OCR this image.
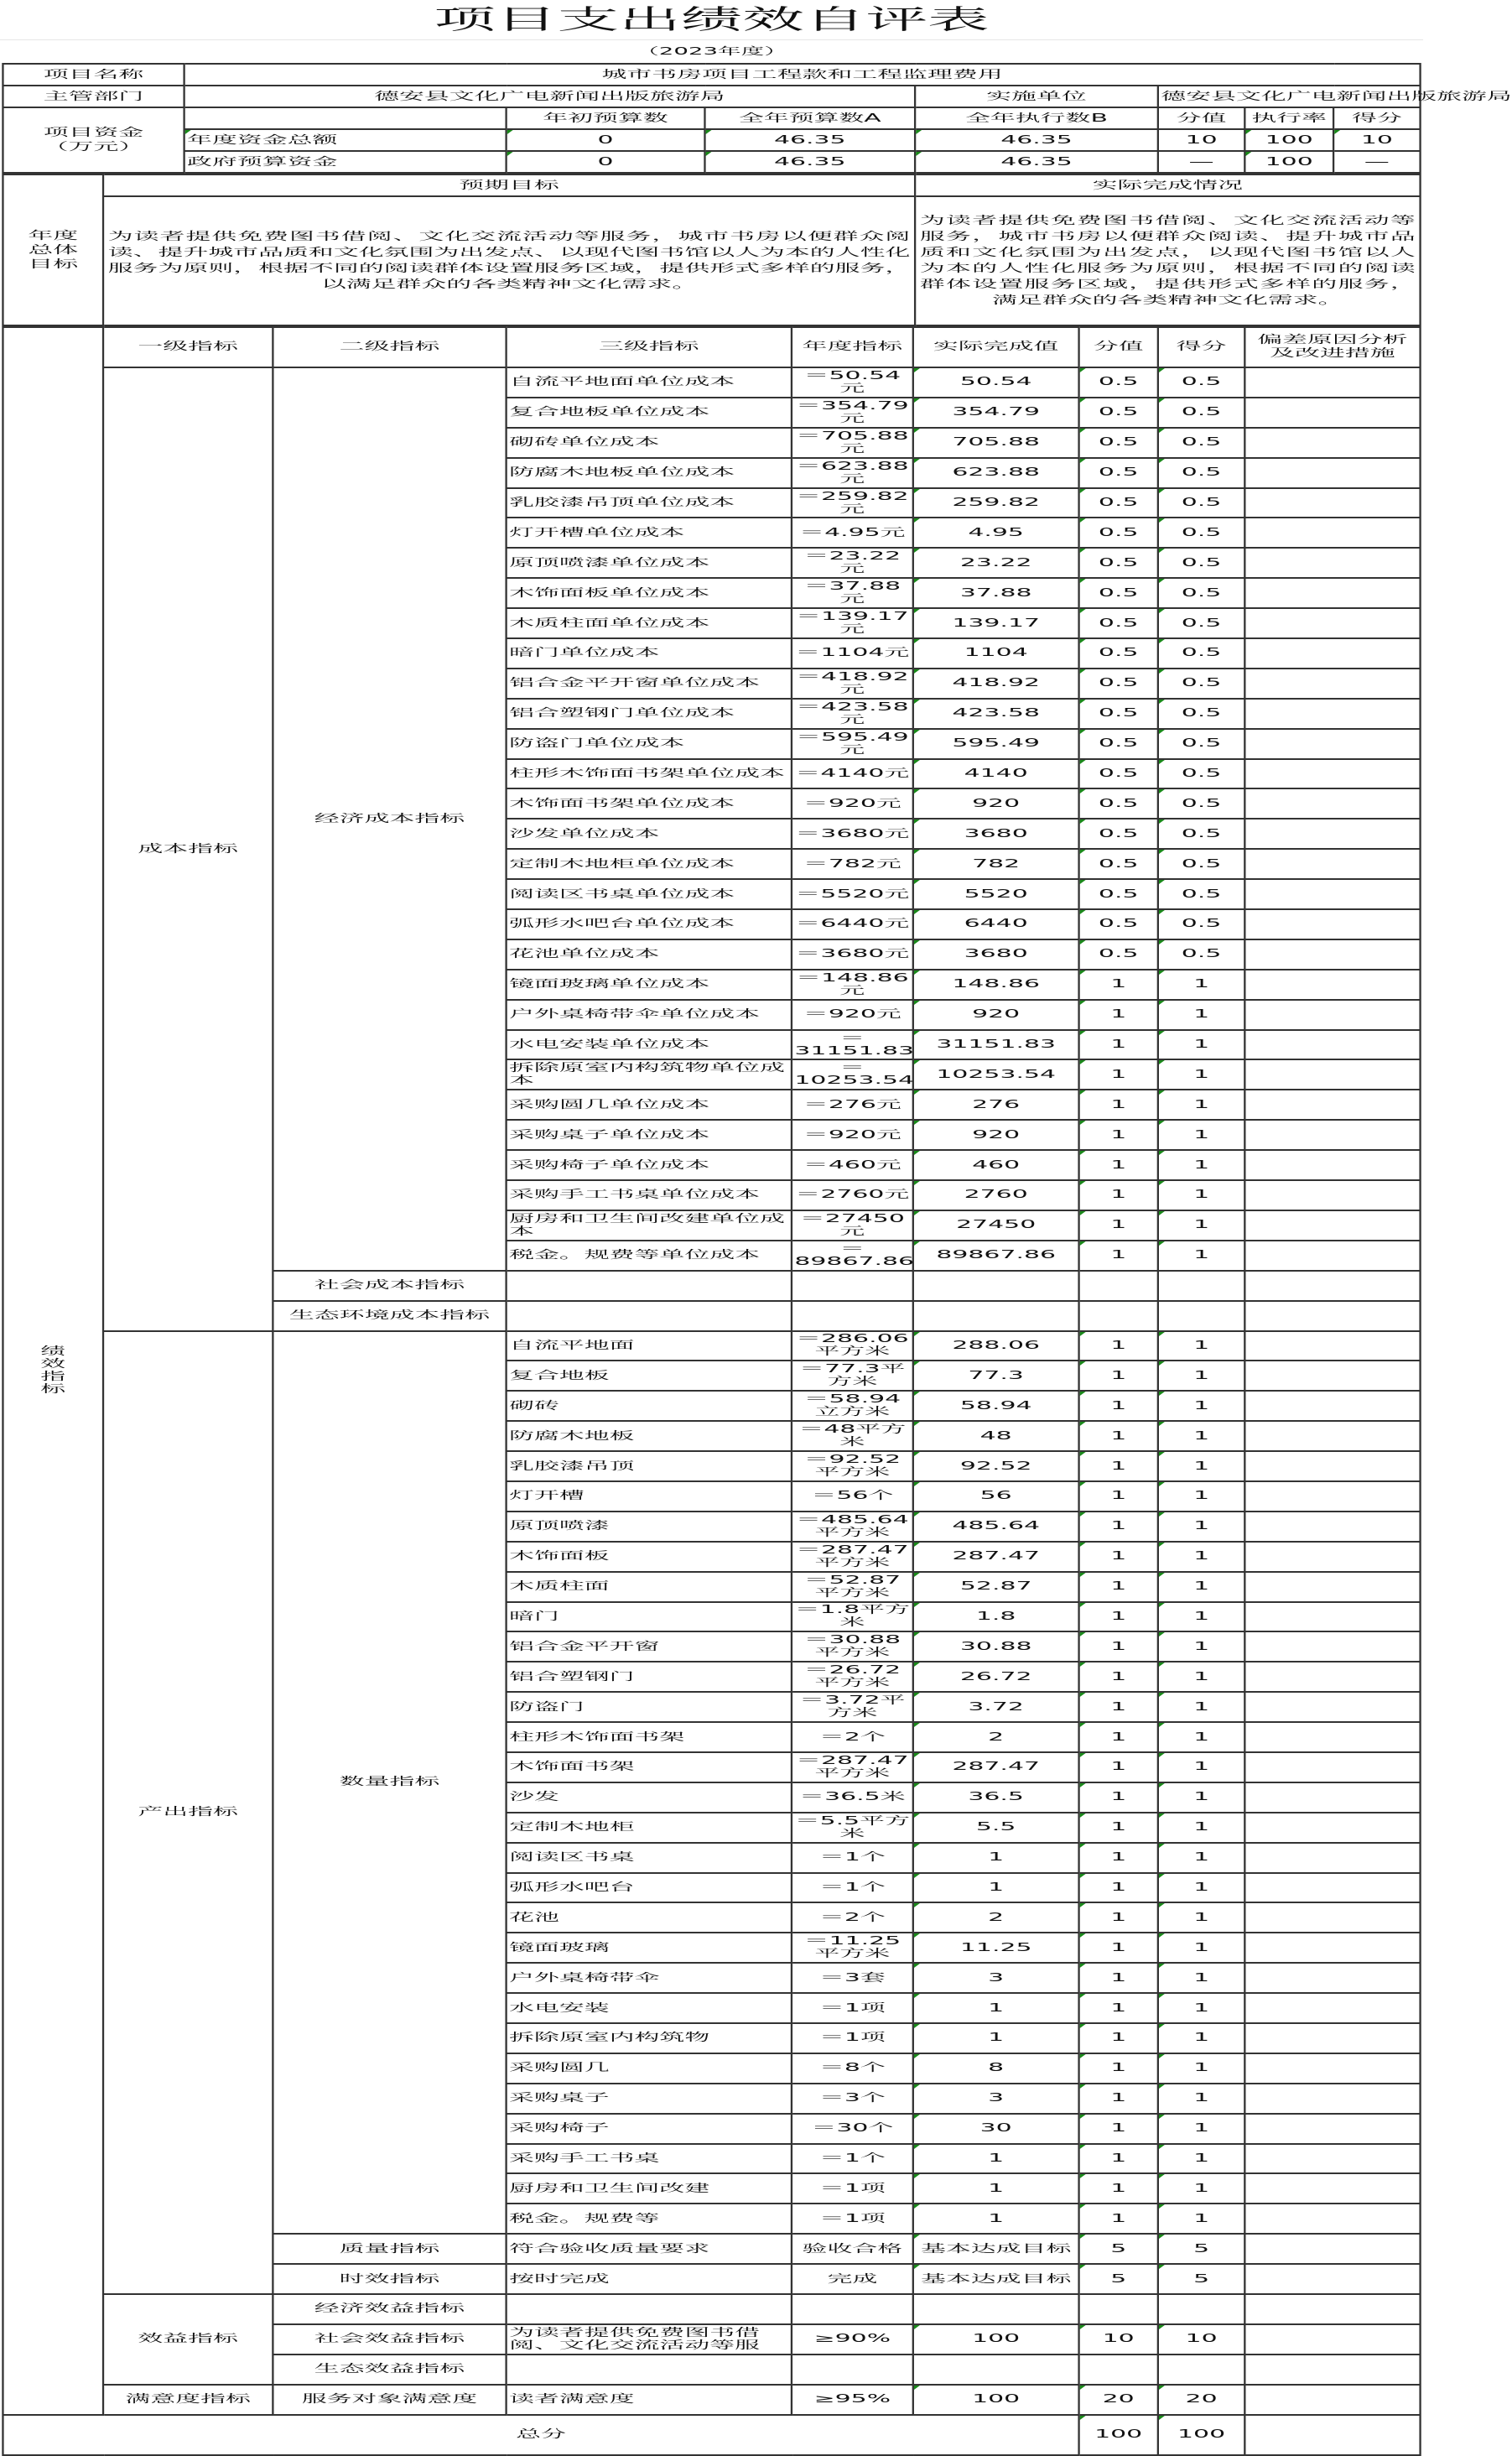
项目支出绩效自评表
（2023年度）
项目名称	城市书房项目工程款和工程监理费用						
主管部门	德安县文化广电新闻出版旅游局			实施单位	德安县文化广电新闻出版旅游局		

项目资金（万元）		年初预算数	全年预算数A	全年执行数B	分值	执行率	得分
	年度资金总额	0	46.35	46.35	10	100	10
	政府预算资金	0	46.35	46.35	—	100	—
年度总体目标	预期目标	实际完成情况
	为读者提供免费图书借阅、文化交流活动等服务，城市书房以便群众阅读、提升城市品质和文化氛围为出发点、以现代图书馆以人为本的人性化服务为原则，根据不同的阅读群体设置服务区域，提供形式多样的服务，以满足群众的各类精神文化需求。	为读者提供免费图书借阅、文化交流活动等服务，城市书房以便群众阅读、提升城市品质和文化氛围为出发点，以现代图书馆以人为本的人性化服务为原则，根据不同的阅读群体设置服务区域，提供形式多样的服务，满足群众的各类精神文化需求。
绩效指标	一级指标	二级指标	三级指标	年度指标	实际完成值	分值	得分	偏差原因分析及改进措施

	成本指标	经济成本指标	自流平地面单位成本	＝50.54元	50.54	0.5	0.5	

			复合地板单位成本	＝354.79元	354.79	0.5	0.5	

			砌砖单位成本	＝705.88元	705.88	0.5	0.5	

			防腐木地板单位成本	＝623.88元	623.88	0.5	0.5	

			乳胶漆吊顶单位成本	＝259.82元	259.82	0.5	0.5	

			灯开槽单位成本	＝4.95元	4.95	0.5	0.5	

			原顶喷漆单位成本	＝23.22元	23.22	0.5	0.5	

			木饰面板单位成本	＝37.88元	37.88	0.5	0.5	

			木质柱面单位成本	＝139.17元	139.17	0.5	0.5	

			暗门单位成本	＝1104元	1104	0.5	0.5	

			铝合金平开窗单位成本	＝418.92元	418.92	0.5	0.5	

			铝合塑钢门单位成本	＝423.58元	423.58	0.5	0.5	

			防盗门单位成本	＝595.49元	595.49	0.5	0.5	

			柱形木饰面书架单位成本	＝4140元	4140	0.5	0.5	

			木饰面书架单位成本	＝920元	920	0.5	0.5	

			沙发单位成本	＝3680元	3680	0.5	0.5	

			定制木地柜单位成本	＝782元	782	0.5	0.5	

			阅读区书桌单位成本	＝5520元	5520	0.5	0.5	

			弧形水吧台单位成本	＝6440元	6440	0.5	0.5	

			花池单位成本	＝3680元	3680	0.5	0.5	

			镜面玻璃单位成本	＝148.86元	148.86	1	1	

			户外桌椅带伞单位成本	＝920元	920	1	1	

			水电安装单位成本	＝ 31151.83	31151.83	1	1	

			拆除原室内构筑物单位成本	＝ 10253.54	10253.54	1	1	

			采购圆几单位成本	＝276元	276	1	1	

			采购桌子单位成本	＝920元	920	1	1	

			采购椅子单位成本	＝460元	460	1	1	

			采购手工书桌单位成本	＝2760元	2760	1	1	

			厨房和卫生间改建单位成本	＝27450元	27450	1	1	

			税金。规费等单位成本	＝ 89867.86	89867.86	1	1	
		社会成本指标						
		生态环境成本指标						
	产出指标	数量指标	自流平地面	＝286.06平方米	288.06	1	1	

			复合地板	＝77.3平方米	77.3	1	1	

			砌砖	＝58.94立方米	58.94	1	1	

			防腐木地板	＝48平方米	48	1	1	

			乳胶漆吊顶	＝92.52平方米	92.52	1	1	

			灯开槽	＝56个	56	1	1	

			原顶喷漆	＝485.64平方米	485.64	1	1	

			木饰面板	＝287.47平方米	287.47	1	1	

			木质柱面	＝52.87平方米	52.87	1	1	

			暗门	＝1.8平方米	1.8	1	1	

			铝合金平开窗	＝30.88平方米	30.88	1	1	

			铝合塑钢门	＝26.72平方米	26.72	1	1	

			防盗门	＝3.72平方米	3.72	1	1	

			柱形木饰面书架	＝2个	2	1	1	

			木饰面书架	＝287.47平方米	287.47	1	1	

			沙发	＝36.5米	36.5	1	1	

			定制木地柜	＝5.5平方米	5.5	1	1	

			阅读区书桌	＝1个	1	1	1	

			弧形水吧台	＝1个	1	1	1	

			花池	＝2个	2	1	1	

			镜面玻璃	＝11.25平方米	11.25	1	1	

			户外桌椅带伞	＝3套	3	1	1	

			水电安装	＝1项	1	1	1	

			拆除原室内构筑物	＝1项	1	1	1	

			采购圆几	＝8个	8	1	1	

			采购桌子	＝3个	3	1	1	

			采购椅子	＝30个	30	1	1	

			采购手工书桌	＝1个	1	1	1	

			厨房和卫生间改建	＝1项	1	1	1	

			税金。规费等	＝1项	1	1	1	
		质量指标	符合验收质量要求	验收合格	基本达成目标	5	5	
		时效指标	按时完成	完成	基本达成目标	5	5	
	效益指标	经济效益指标						
		社会效益指标	为读者提供免费图书借阅、文化交流活动等服	≥90%	100	10	10	
		生态效益指标						
	满意度指标	服务对象满意度	读者满意度	≥95%	100	20	20	
总分						100	100	
